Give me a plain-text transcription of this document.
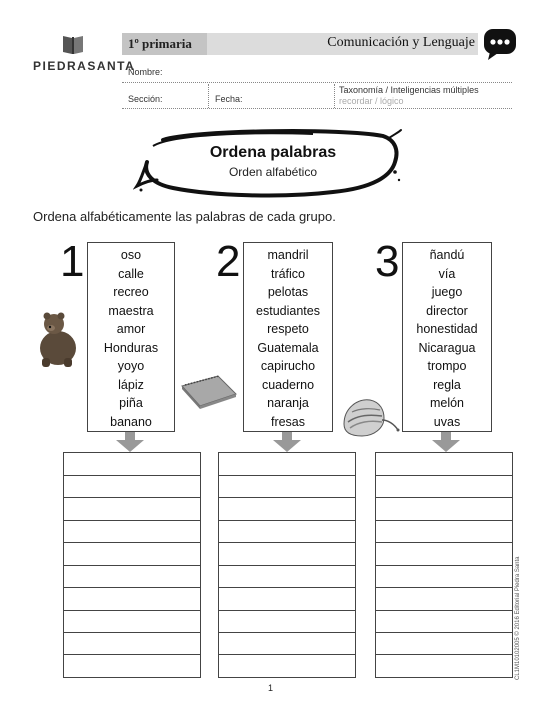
PIEDRASANTA
1º primaria	Comunicación y Lenguaje
Nombre:
Sección:	Fecha:
Taxonomía / Inteligencias múltiples
recordar / lógico
Ordena palabras
Orden alfabético
Ordena alfabéticamente las palabras de cada grupo.
1	oso
calle
recreo
maestra
amor
Honduras
yoyo
lápiz
piña
banano
2	mandril
tráfico
pelotas
estudiantes
respeto
Guatemala
capirucho
cuaderno
naranja
fresas
3	ñandú
vía
juego
director
honestidad
Nicaragua
trompo
regla
melón
uvas
CL1M10102005 © 2016 Editorial Piedra Santa
1
